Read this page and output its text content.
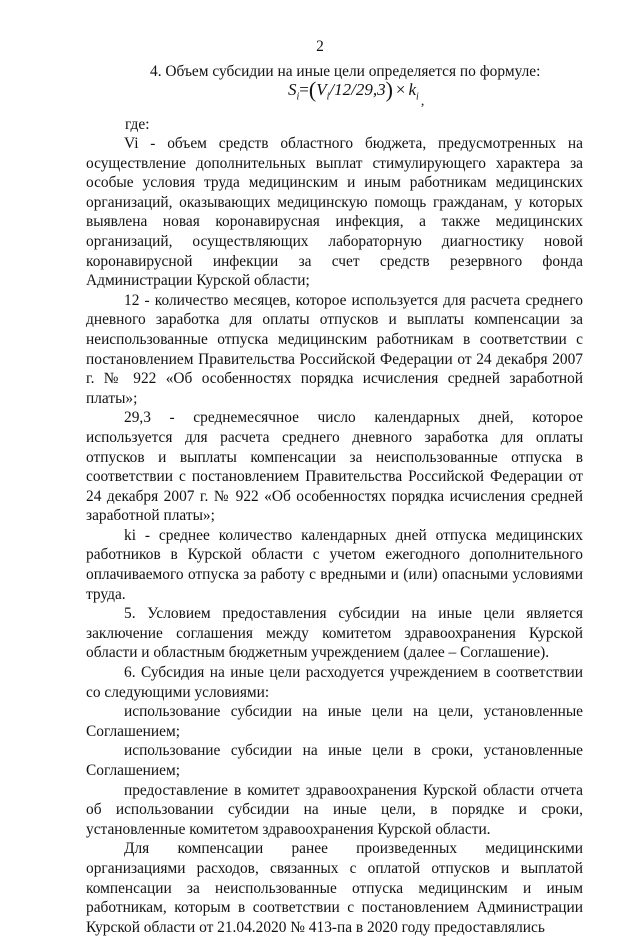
2
4. Объем субсидии на иные цели определяется по формуле:
$S_i=(V_i/12/29,3) \times k_i$ $_,$
где:

Vi - объем средств областного бюджета, предусмотренных на осуществление дополнительных выплат стимулирующего характера за особые условия труда медицинским и иным работникам медицинских организаций, оказывающих медицинскую помощь гражданам, у которых выявлена новая коронавирусная инфекция, а также медицинских организаций, осуществляющих лабораторную диагностику новой коронавирусной инфекции за счет средств резервного фонда Администрации Курской области;

12 - количество месяцев, которое используется для расчета среднего дневного заработка для оплаты отпусков и выплаты компенсации за неиспользованные отпуска медицинским работникам в соответствии с постановлением Правительства Российской Федерации от 24 декабря 2007 г. № 922 «Об особенностях порядка исчисления средней заработной платы»;

29,3 - среднемесячное число календарных дней, которое используется для расчета среднего дневного заработка для оплаты отпусков и выплаты компенсации за неиспользованные отпуска в соответствии с постановлением Правительства Российской Федерации от 24 декабря 2007 г. № 922 «Об особенностях порядка исчисления средней заработной платы»;

ki - среднее количество календарных дней отпуска медицинских работников в Курской области с учетом ежегодного дополнительного оплачиваемого отпуска за работу с вредными и (или) опасными условиями труда.

5. Условием предоставления субсидии на иные цели является заключение соглашения между комитетом здравоохранения Курской области и областным бюджетным учреждением (далее – Соглашение).

6. Субсидия на иные цели расходуется учреждением в соответствии со следующими условиями:

использование субсидии на иные цели на цели, установленные Соглашением;

использование субсидии на иные цели в сроки, установленные Соглашением;

предоставление в комитет здравоохранения Курской области отчета об использовании субсидии на иные цели, в порядке и сроки, установленные комитетом здравоохранения Курской области.

Для компенсации ранее произведенных медицинскими организациями расходов, связанных с оплатой отпусков и выплатой компенсации за неиспользованные отпуска медицинским и иным работникам, которым в соответствии с постановлением Администрации Курской области от 21.04.2020 № 413-па в 2020 году предоставлялись
